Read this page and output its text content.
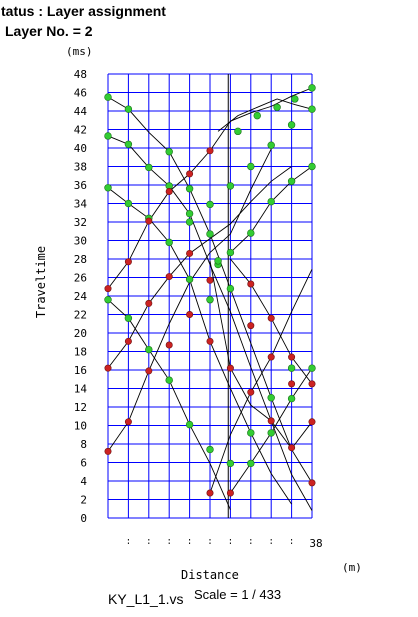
tatus : Layer assignment
Layer No. = 2
(ms)
(m)
Distance
Traveltime
0
2
4
6
8
10
12
14
16
18
20
22
24
26
28
30
32
34
36
38
40
42
44
46
48
38
KY_L1_1.vs Scale = 1 / 433
